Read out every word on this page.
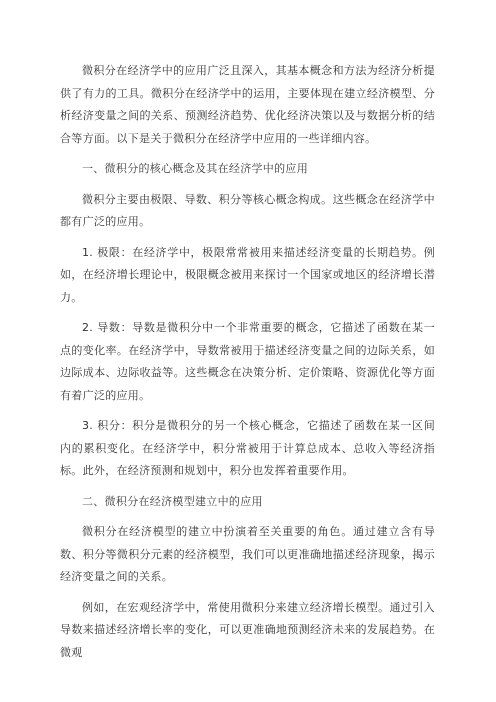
微积分在经济学中的应用广泛且深入，其基本概念和方法为经济分析提供了有力的工具。微积分在经济学中的运用，主要体现在建立经济模型、分析经济变量之间的关系、预测经济趋势、优化经济决策以及与数据分析的结合等方面。以下是关于微积分在经济学中应用的一些详细内容。

一、微积分的核心概念及其在经济学中的应用

微积分主要由极限、导数、积分等核心概念构成。这些概念在经济学中都有广泛的应用。

1. 极限：在经济学中，极限常常被用来描述经济变量的长期趋势。例如，在经济增长理论中，极限概念被用来探讨一个国家或地区的经济增长潜力。

2. 导数：导数是微积分中一个非常重要的概念，它描述了函数在某一点的变化率。在经济学中，导数常被用于描述经济变量之间的边际关系，如边际成本、边际收益等。这些概念在决策分析、定价策略、资源优化等方面有着广泛的应用。

3. 积分：积分是微积分的另一个核心概念，它描述了函数在某一区间内的累积变化。在经济学中，积分常被用于计算总成本、总收入等经济指标。此外，在经济预测和规划中，积分也发挥着重要作用。

二、微积分在经济模型建立中的应用

微积分在经济模型的建立中扮演着至关重要的角色。通过建立含有导数、积分等微积分元素的经济模型，我们可以更准确地描述经济现象，揭示经济变量之间的关系。

例如，在宏观经济学中，常使用微积分来建立经济增长模型。通过引入导数来描述经济增长率的变化，可以更准确地预测经济未来的发展趋势。在微观
